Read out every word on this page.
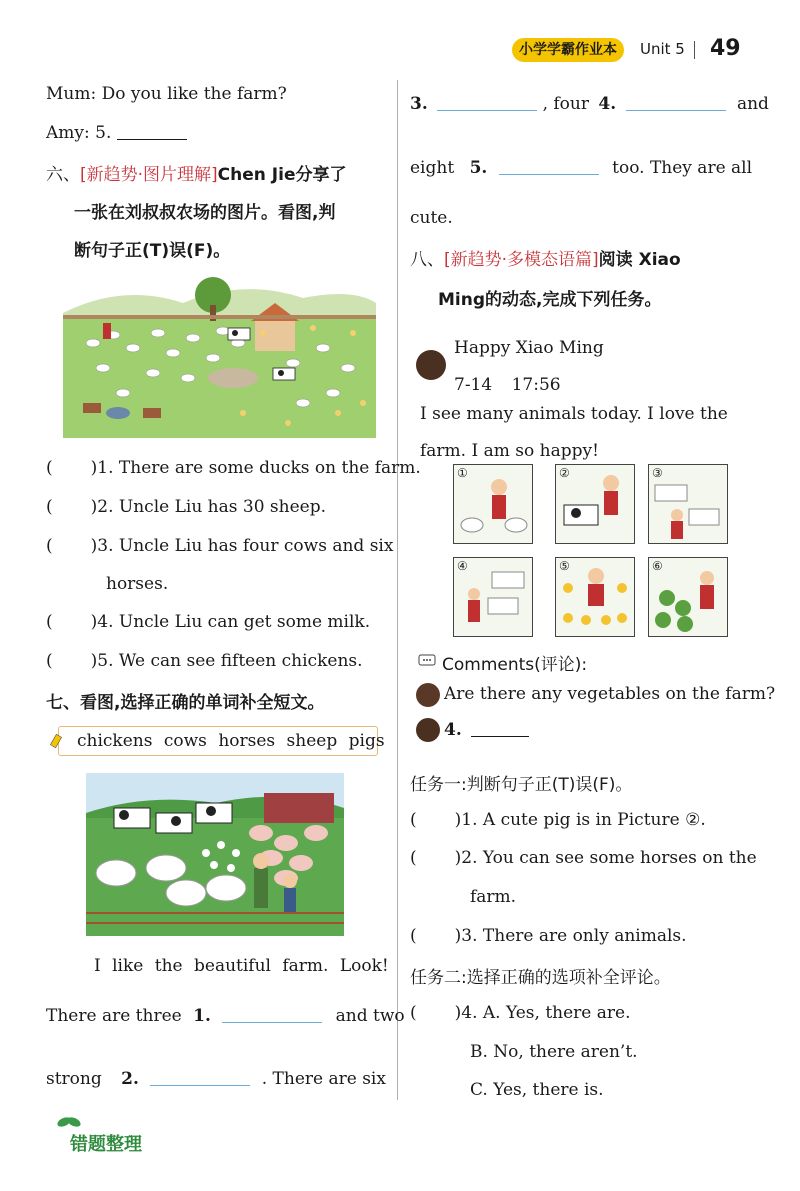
小学学霸作业本	Unit 5 49
Mum: Do you like the farm?
Amy: 5.
六、[新趋势·图片理解]Chen Jie分享了
一张在刘叔叔农场的图片。看图,判
断句子正(T)误(F)。
( )1. There are some ducks on the farm.
( )2. Uncle Liu has 30 sheep.
( )3. Uncle Liu has four cows and six
horses.
( )4. Uncle Liu can get some milk.
( )5. We can see fifteen chickens.
七、看图,选择正确的单词补全短文。
chickens cows horses sheep pigs
I like the beautiful farm. Look!
There are three 1.	and two
strong 2.	. There are six
3.	, four 4.	and
eight 5.	too. They are all
cute.
八、[新趋势·多模态语篇]阅读 Xiao
Ming的动态,完成下列任务。
Happy Xiao Ming
7-14 17:56
I see many animals today. I love the
farm. I am so happy!
①	②	③
④	⑤	⑥
Comments(评论):
Are there any vegetables on the farm?
4.
任务一:判断句子正(T)误(F)。
( )1. A cute pig is in Picture ②.
( )2. You can see some horses on the
farm.
( )3. There are only animals.
任务二:选择正确的选项补全评论。
( )4. A. Yes, there are.
B. No, there aren’t.
C. Yes, there is.
错题整理
